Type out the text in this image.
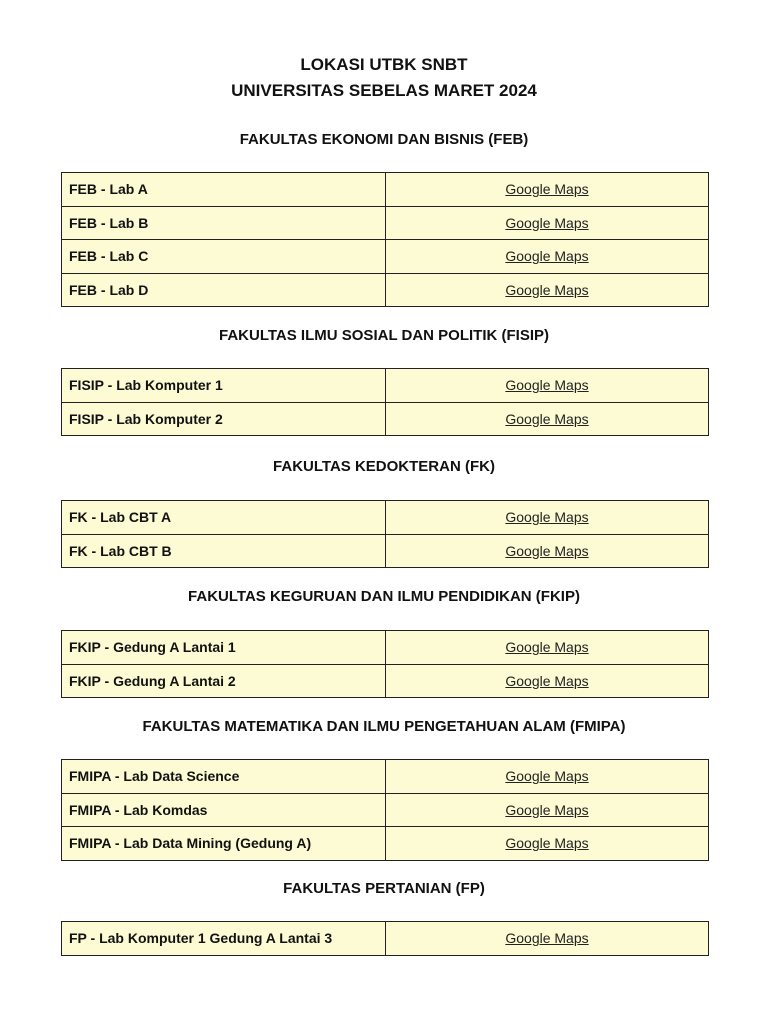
LOKASI UTBK SNBT
UNIVERSITAS SEBELAS MARET 2024
FAKULTAS EKONOMI DAN BISNIS (FEB)
FEB - Lab A	Google Maps
FEB - Lab B	Google Maps
FEB - Lab C	Google Maps
FEB - Lab D	Google Maps
FAKULTAS ILMU SOSIAL DAN POLITIK (FISIP)
FISIP - Lab Komputer 1	Google Maps
FISIP - Lab Komputer 2	Google Maps
FAKULTAS KEDOKTERAN (FK)
FK - Lab CBT A	Google Maps
FK - Lab CBT B	Google Maps
FAKULTAS KEGURUAN DAN ILMU PENDIDIKAN (FKIP)
FKIP - Gedung A Lantai 1	Google Maps
FKIP - Gedung A Lantai 2	Google Maps
FAKULTAS MATEMATIKA DAN ILMU PENGETAHUAN ALAM (FMIPA)
FMIPA - Lab Data Science	Google Maps
FMIPA - Lab Komdas	Google Maps
FMIPA - Lab Data Mining (Gedung A)	Google Maps
FAKULTAS PERTANIAN (FP)
FP - Lab Komputer 1 Gedung A Lantai 3	Google Maps
